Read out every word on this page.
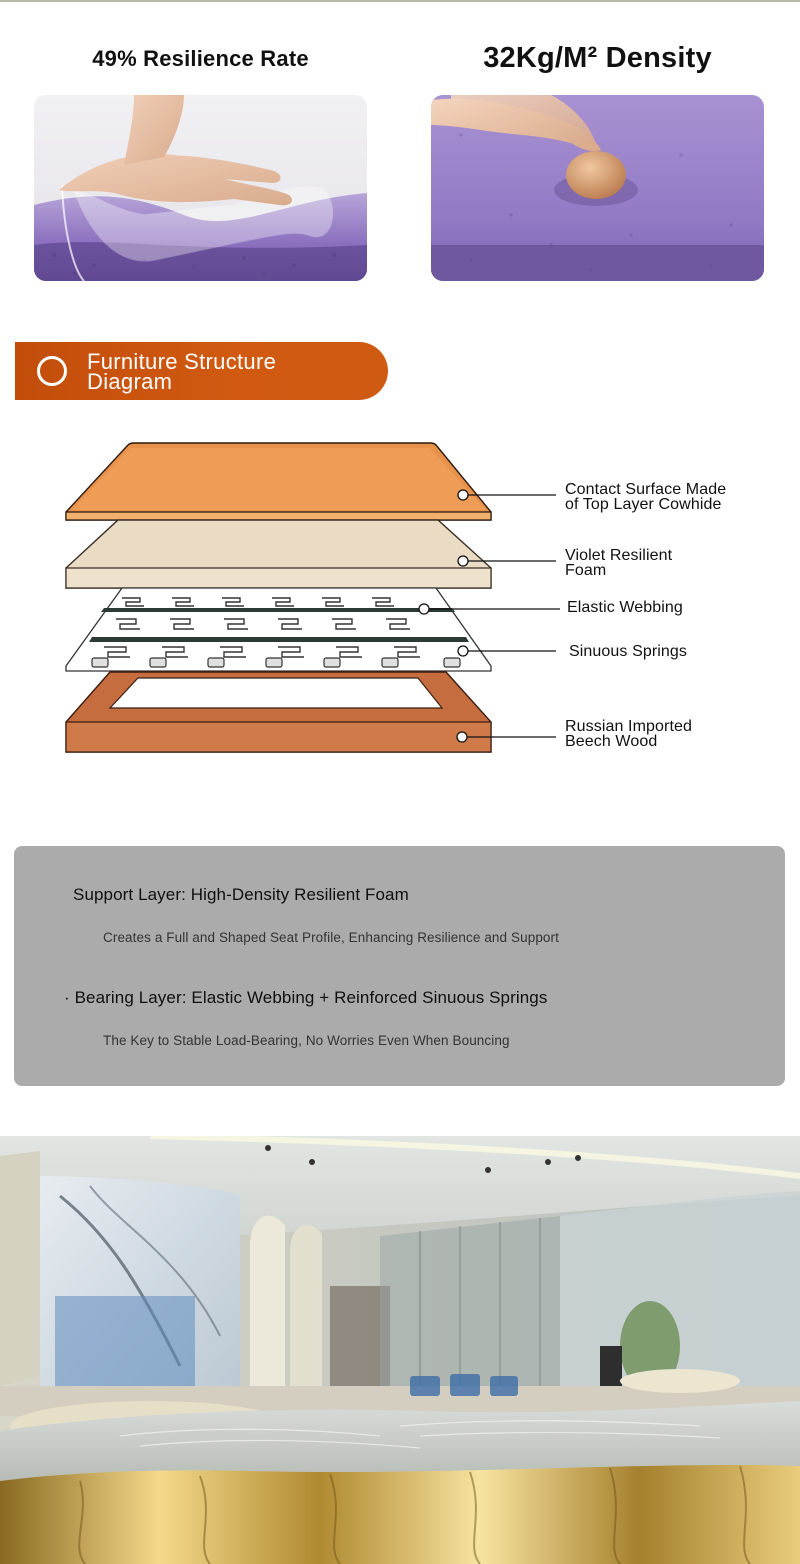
49% Resilience Rate	32Kg/M² Density
Furniture Structure
Diagram
Contact Surface Made
of Top Layer Cowhide
Violet Resilient
Foam
Elastic Webbing
Sinuous Springs
Russian Imported
Beech Wood
Support Layer: High-Density Resilient Foam
Creates a Full and Shaped Seat Profile, Enhancing Resilience and Support
· Bearing Layer: Elastic Webbing + Reinforced Sinuous Springs
The Key to Stable Load-Bearing, No Worries Even When Bouncing
